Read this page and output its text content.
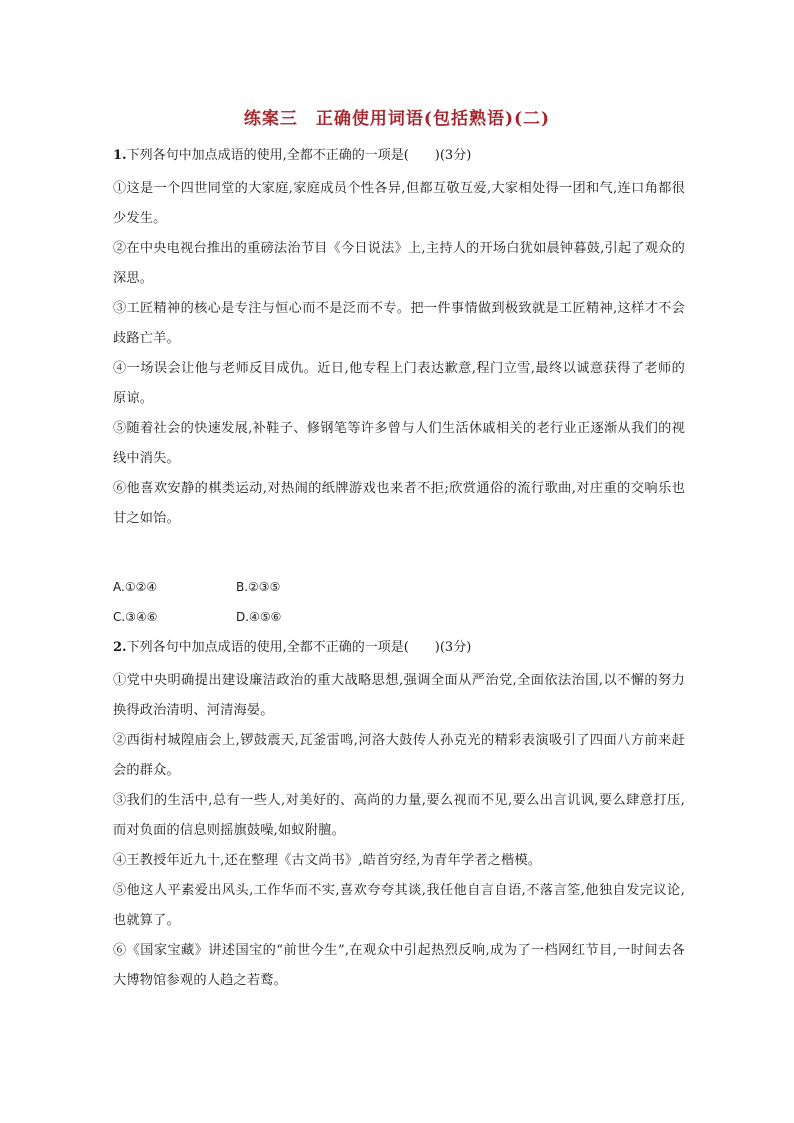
练案三　正确使用词语(包括熟语)(二)
1.下列各句中加点成语的使用,全都不正确的一项是(　　)(3分)

①这是一个四世同堂的大家庭,家庭成员个性各异,但都互敬互爱,大家相处得一团和气,连口角都很少发生。

②在中央电视台推出的重磅法治节目《今日说法》上,主持人的开场白犹如晨钟暮鼓,引起了观众的深思。

③工匠精神的核心是专注与恒心而不是泛而不专。把一件事情做到极致就是工匠精神,这样才不会歧路亡羊。

④一场误会让他与老师反目成仇。近日,他专程上门表达歉意,程门立雪,最终以诚意获得了老师的原谅。

⑤随着社会的快速发展,补鞋子、修钢笔等许多曾与人们生活休戚相关的老行业正逐渐从我们的视线中消失。

⑥他喜欢安静的棋类运动,对热闹的纸牌游戏也来者不拒;欣赏通俗的流行歌曲,对庄重的交响乐也甘之如饴。

A.①②④	B.②③⑤
C.③④⑥	D.④⑤⑥
2.下列各句中加点成语的使用,全都不正确的一项是(　　)(3分)

①党中央明确提出建设廉洁政治的重大战略思想,强调全面从严治党,全面依法治国,以不懈的努力换得政治清明、河清海晏。

②西街村城隍庙会上,锣鼓震天,瓦釜雷鸣,河洛大鼓传人孙克光的精彩表演吸引了四面八方前来赶会的群众。

③我们的生活中,总有一些人,对美好的、高尚的力量,要么视而不见,要么出言讥讽,要么肆意打压,而对负面的信息则摇旗鼓噪,如蚁附膻。

④王教授年近九十,还在整理《古文尚书》,皓首穷经,为青年学者之楷模。

⑤他这人平素爱出风头,工作华而不实,喜欢夸夸其谈,我任他自言自语,不落言筌,他独自发完议论,也就算了。

⑥《国家宝藏》讲述国宝的“前世今生”,在观众中引起热烈反响,成为了一档网红节目,一时间去各大博物馆参观的人趋之若鹜。
